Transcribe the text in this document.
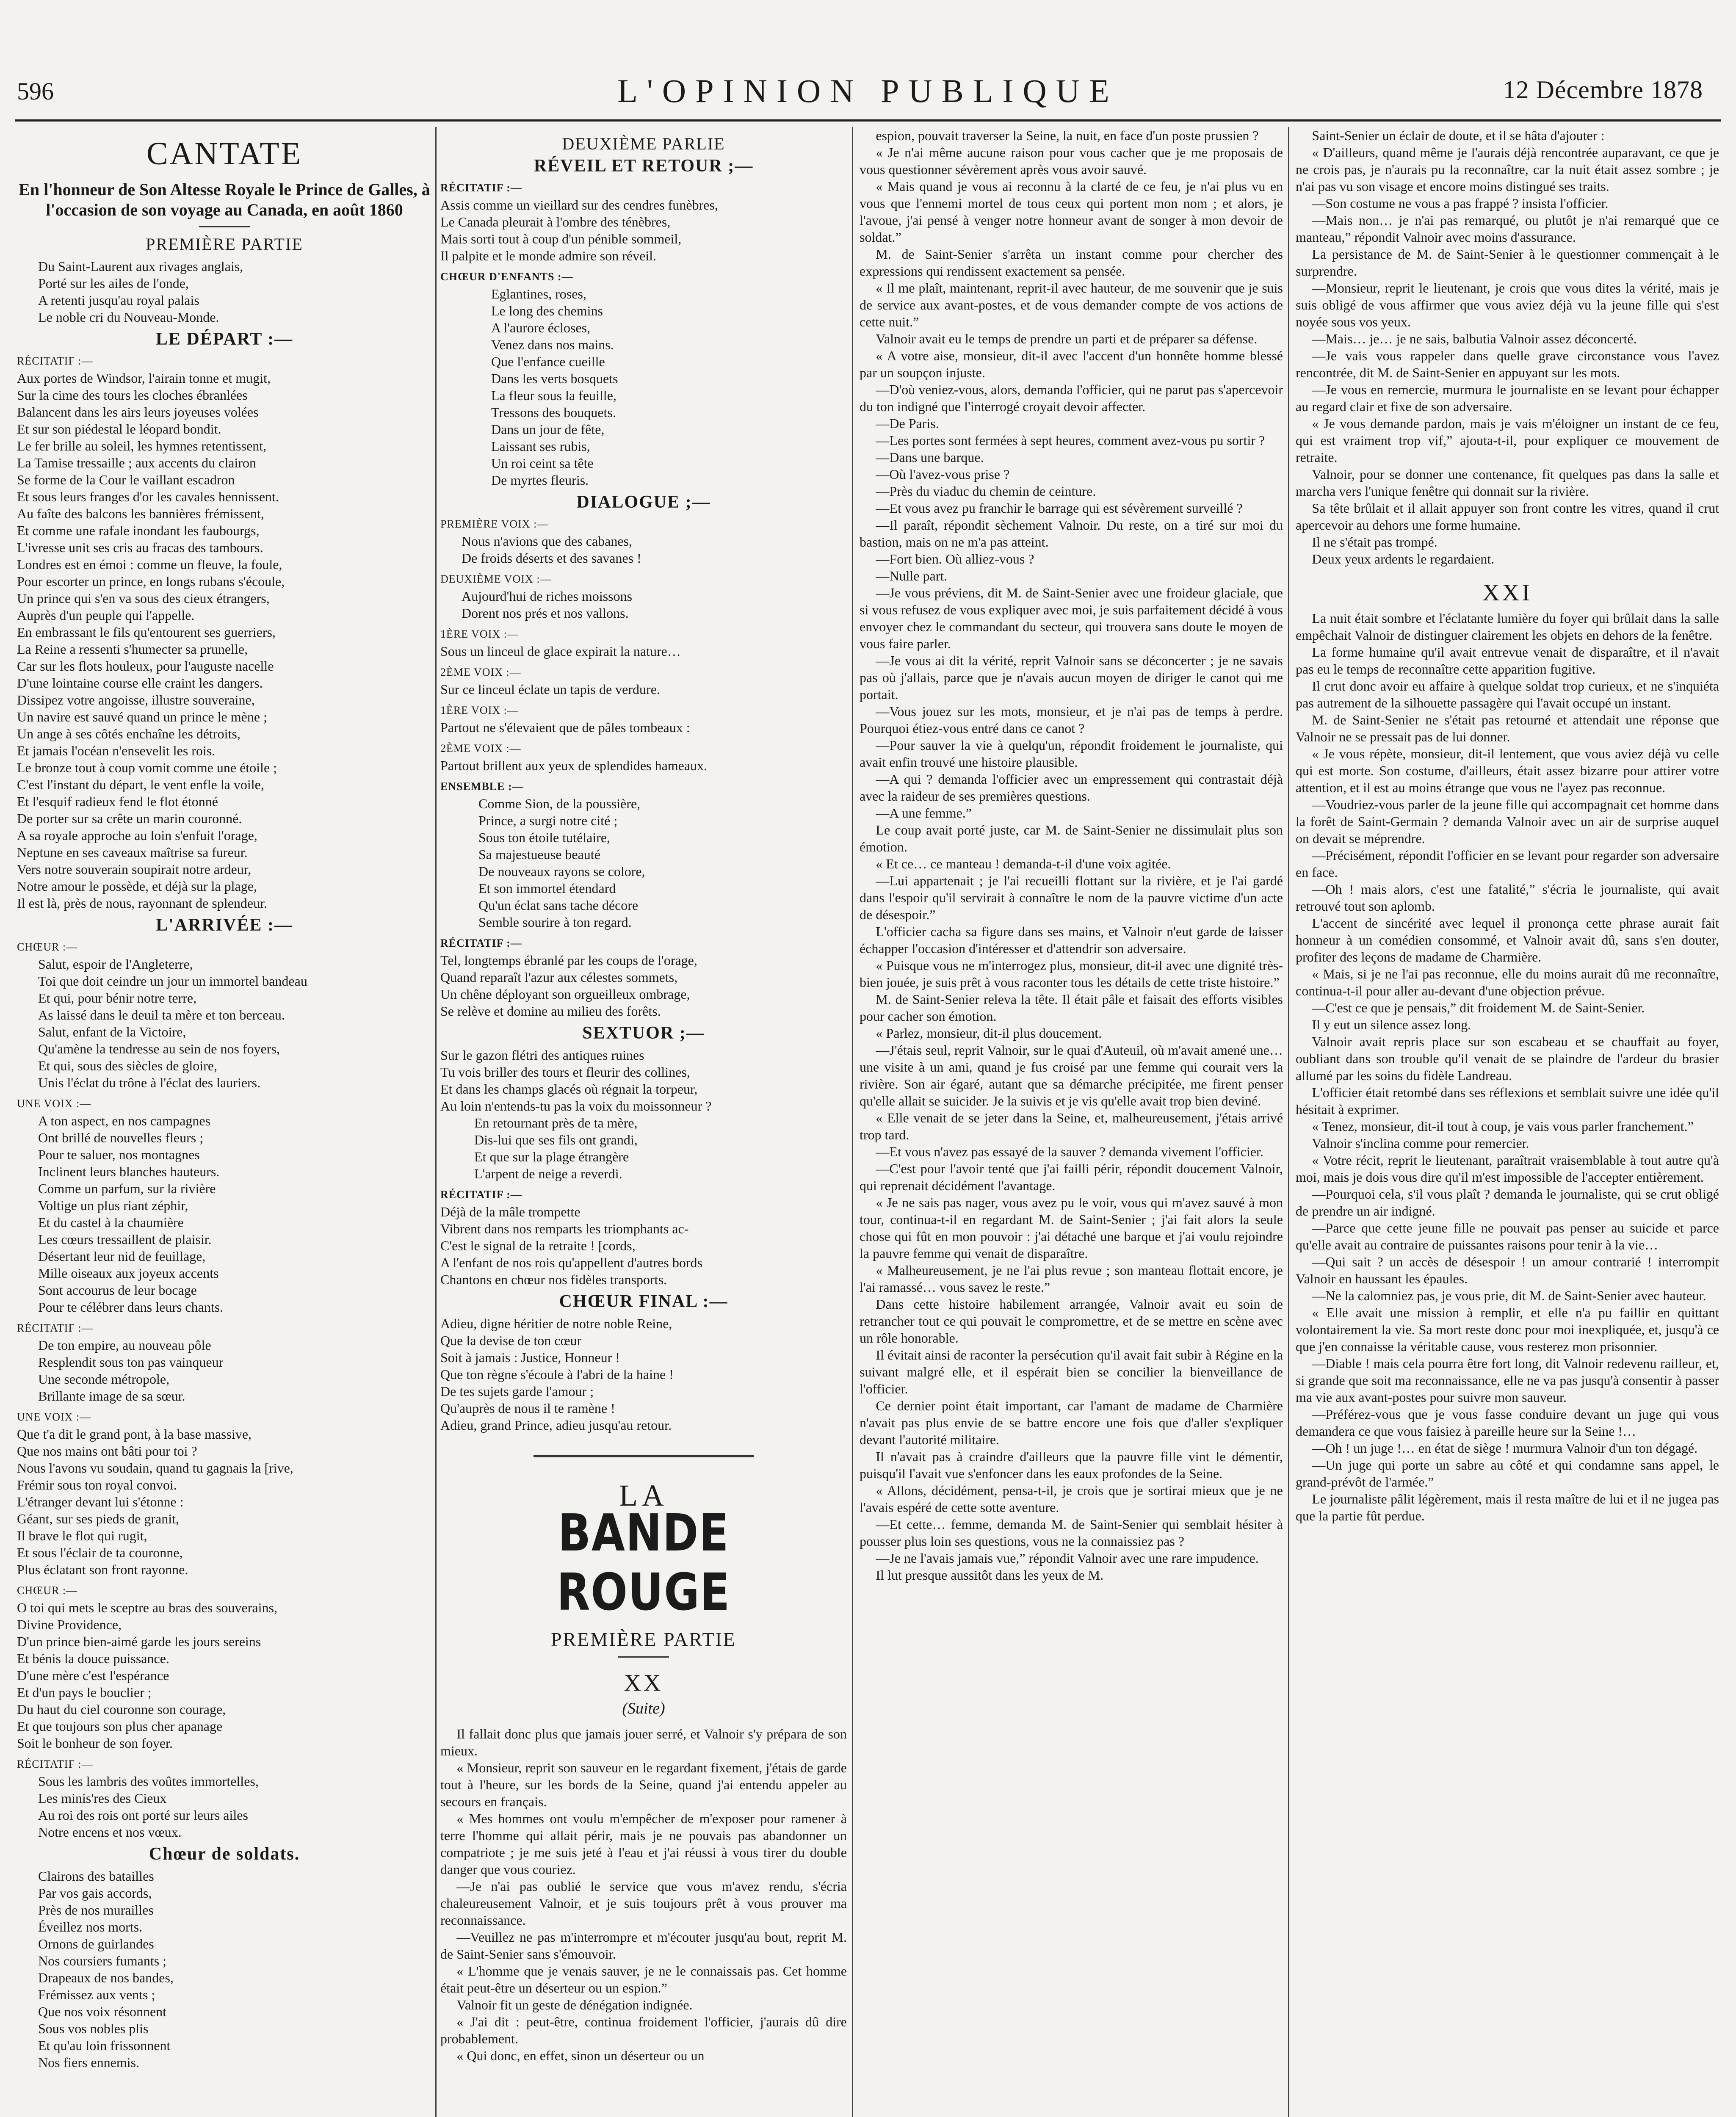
596	L'OPINION PUBLIQUE	12 Décembre 1878
CANTATE
En l'honneur de Son Altesse Royale le Prince de Galles, à l'occasion de son voyage au Canada, en août 1860
PREMIÈRE PARTIE
Du Saint-Laurent aux rivages anglais,
Porté sur les ailes de l'onde,
A retenti jusqu'au royal palais
Le noble cri du Nouveau-Monde.
LE DÉPART :—
RÉCITATIF :—
Aux portes de Windsor, l'airain tonne et mugit,
Sur la cime des tours les cloches ébranlées
Balancent dans les airs leurs joyeuses volées
Et sur son piédestal le léopard bondit.
Le fer brille au soleil, les hymnes retentissent,
La Tamise tressaille ; aux accents du clairon
Se forme de la Cour le vaillant escadron
Et sous leurs franges d'or les cavales hennissent.
Au faîte des balcons les bannières frémissent,
Et comme une rafale inondant les faubourgs,
L'ivresse unit ses cris au fracas des tambours.
Londres est en émoi : comme un fleuve, la foule,
Pour escorter un prince, en longs rubans s'écoule,
Un prince qui s'en va sous des cieux étrangers,
Auprès d'un peuple qui l'appelle.
En embrassant le fils qu'entourent ses guerriers,
La Reine a ressenti s'humecter sa prunelle,
Car sur les flots houleux, pour l'auguste nacelle
D'une lointaine course elle craint les dangers.
Dissipez votre angoisse, illustre souveraine,
Un navire est sauvé quand un prince le mène ;
Un ange à ses côtés enchaîne les détroits,
Et jamais l'océan n'ensevelit les rois.
Le bronze tout à coup vomit comme une étoile ;
C'est l'instant du départ, le vent enfle la voile,
Et l'esquif radieux fend le flot étonné
De porter sur sa crête un marin couronné.
A sa royale approche au loin s'enfuit l'orage,
Neptune en ses caveaux maîtrise sa fureur.
Vers notre souverain soupirait notre ardeur,
Notre amour le possède, et déjà sur la plage,
Il est là, près de nous, rayonnant de splendeur.
L'ARRIVÉE :—
CHŒUR :—
Salut, espoir de l'Angleterre,
Toi que doit ceindre un jour un immortel bandeau
Et qui, pour bénir notre terre,
As laissé dans le deuil ta mère et ton berceau.
Salut, enfant de la Victoire,
Qu'amène la tendresse au sein de nos foyers,
Et qui, sous des siècles de gloire,
Unis l'éclat du trône à l'éclat des lauriers.
UNE VOIX :—
A ton aspect, en nos campagnes
Ont brillé de nouvelles fleurs ;
Pour te saluer, nos montagnes
Inclinent leurs blanches hauteurs.
Comme un parfum, sur la rivière
Voltige un plus riant zéphir,
Et du castel à la chaumière
Les cœurs tressaillent de plaisir.
Désertant leur nid de feuillage,
Mille oiseaux aux joyeux accents
Sont accourus de leur bocage
Pour te célébrer dans leurs chants.
RÉCITATIF :—
De ton empire, au nouveau pôle
Resplendit sous ton pas vainqueur
Une seconde métropole,
Brillante image de sa sœur.
UNE VOIX :—
Que t'a dit le grand pont, à la base massive,
Que nos mains ont bâti pour toi ?
Nous l'avons vu soudain, quand tu gagnais la [rive,
Frémir sous ton royal convoi.
L'étranger devant lui s'étonne :
Géant, sur ses pieds de granit,
Il brave le flot qui rugit,
Et sous l'éclair de ta couronne,
Plus éclatant son front rayonne.
CHŒUR :—
O toi qui mets le sceptre au bras des souverains,
Divine Providence,
D'un prince bien-aimé garde les jours sereins
Et bénis la douce puissance.
D'une mère c'est l'espérance
Et d'un pays le bouclier ;
Du haut du ciel couronne son courage,
Et que toujours son plus cher apanage
Soit le bonheur de son foyer.
RÉCITATIF :—
Sous les lambris des voûtes immortelles,
Les minis'res des Cieux
Au roi des rois ont porté sur leurs ailes
Notre encens et nos vœux.
Chœur de soldats.
Clairons des batailles
Par vos gais accords,
Près de nos murailles
Éveillez nos morts.
Ornons de guirlandes
Nos coursiers fumants ;
Drapeaux de nos bandes,
Frémissez aux vents ;
Que nos voix résonnent
Sous vos nobles plis
Et qu'au loin frissonnent
Nos fiers ennemis.
DEUXIÈME PARLIE
RÉVEIL ET RETOUR ;—
RÉCITATIF :—
Assis comme un vieillard sur des cendres funèbres,
Le Canada pleurait à l'ombre des ténèbres,
Mais sorti tout à coup d'un pénible sommeil,
Il palpite et le monde admire son réveil.
CHŒUR D'ENFANTS :—
Eglantines, roses,
Le long des chemins
A l'aurore écloses,
Venez dans nos mains.
Que l'enfance cueille
Dans les verts bosquets
La fleur sous la feuille,
Tressons des bouquets.
Dans un jour de fête,
Laissant ses rubis,
Un roi ceint sa tête
De myrtes fleuris.
DIALOGUE ;—
PREMIÈRE VOIX :—
Nous n'avions que des cabanes,
De froids déserts et des savanes !
DEUXIÈME VOIX :—
Aujourd'hui de riches moissons
Dorent nos prés et nos vallons.
1ÈRE VOIX :—
Sous un linceul de glace expirait la nature…
2ÈME VOIX :—
Sur ce linceul éclate un tapis de verdure.
1ÈRE VOIX :—
Partout ne s'élevaient que de pâles tombeaux :
2ÈME VOIX :—
Partout brillent aux yeux de splendides hameaux.
ENSEMBLE :—
Comme Sion, de la poussière,
Prince, a surgi notre cité ;
Sous ton étoile tutélaire,
Sa majestueuse beauté
De nouveaux rayons se colore,
Et son immortel étendard
Qu'un éclat sans tache décore
Semble sourire à ton regard.
RÉCITATIF :—
Tel, longtemps ébranlé par les coups de l'orage,
Quand reparaît l'azur aux célestes sommets,
Un chêne déployant son orgueilleux ombrage,
Se relève et domine au milieu des forêts.
SEXTUOR ;—
Sur le gazon flétri des antiques ruines
Tu vois briller des tours et fleurir des collines,
Et dans les champs glacés où régnait la torpeur,
Au loin n'entends-tu pas la voix du moissonneur ?
En retournant près de ta mère,
Dis-lui que ses fils ont grandi,
Et que sur la plage étrangère
L'arpent de neige a reverdi.
RÉCITATIF :—
Déjà de la mâle trompette
Vibrent dans nos remparts les triomphants ac-
C'est le signal de la retraite ! [cords,
A l'enfant de nos rois qu'appellent d'autres bords
Chantons en chœur nos fidèles transports.
CHŒUR FINAL :—
Adieu, digne héritier de notre noble Reine,
Que la devise de ton cœur
Soit à jamais : Justice, Honneur !
Que ton règne s'écoule à l'abri de la haine !
De tes sujets garde l'amour ;
Qu'auprès de nous il te ramène !
Adieu, grand Prince, adieu jusqu'au retour.
LA
BANDE ROUGE
PREMIÈRE PARTIE
XX
(Suite)

Il fallait donc plus que jamais jouer serré, et Valnoir s'y prépara de son mieux.

« Monsieur, reprit son sauveur en le regardant fixement, j'étais de garde tout à l'heure, sur les bords de la Seine, quand j'ai entendu appeler au secours en français.

« Mes hommes ont voulu m'empêcher de m'exposer pour ramener à terre l'homme qui allait périr, mais je ne pouvais pas abandonner un compatriote ; je me suis jeté à l'eau et j'ai réussi à vous tirer du double danger que vous couriez.

—Je n'ai pas oublié le service que vous m'avez rendu, s'écria chaleureusement Valnoir, et je suis toujours prêt à vous prouver ma reconnaissance.

—Veuillez ne pas m'interrompre et m'écouter jusqu'au bout, reprit M. de Saint-Senier sans s'émouvoir.

« L'homme que je venais sauver, je ne le connaissais pas. Cet homme était peut-être un déserteur ou un espion.”

Valnoir fit un geste de dénégation indignée.

« J'ai dit : peut-être, continua froidement l'officier, j'aurais dû dire probablement.

« Qui donc, en effet, sinon un déserteur ou un

espion, pouvait traverser la Seine, la nuit, en face d'un poste prussien ?

« Je n'ai même aucune raison pour vous cacher que je me proposais de vous questionner sévèrement après vous avoir sauvé.

« Mais quand je vous ai reconnu à la clarté de ce feu, je n'ai plus vu en vous que l'ennemi mortel de tous ceux qui portent mon nom ; et alors, je l'avoue, j'ai pensé à venger notre honneur avant de songer à mon devoir de soldat.”

M. de Saint-Senier s'arrêta un instant comme pour chercher des expressions qui rendissent exactement sa pensée.

« Il me plaît, maintenant, reprit-il avec hauteur, de me souvenir que je suis de service aux avant-postes, et de vous demander compte de vos actions de cette nuit.”

Valnoir avait eu le temps de prendre un parti et de préparer sa défense.

« A votre aise, monsieur, dit-il avec l'accent d'un honnête homme blessé par un soupçon injuste.

—D'où veniez-vous, alors, demanda l'officier, qui ne parut pas s'apercevoir du ton indigné que l'interrogé croyait devoir affecter.

—De Paris.

—Les portes sont fermées à sept heures, comment avez-vous pu sortir ?

—Dans une barque.

—Où l'avez-vous prise ?

—Près du viaduc du chemin de ceinture.

—Et vous avez pu franchir le barrage qui est sévèrement surveillé ?

—Il paraît, répondit sèchement Valnoir. Du reste, on a tiré sur moi du bastion, mais on ne m'a pas atteint.

—Fort bien. Où alliez-vous ?

—Nulle part.

—Je vous préviens, dit M. de Saint-Senier avec une froideur glaciale, que si vous refusez de vous expliquer avec moi, je suis parfaitement décidé à vous envoyer chez le commandant du secteur, qui trouvera sans doute le moyen de vous faire parler.

—Je vous ai dit la vérité, reprit Valnoir sans se déconcerter ; je ne savais pas où j'allais, parce que je n'avais aucun moyen de diriger le canot qui me portait.

—Vous jouez sur les mots, monsieur, et je n'ai pas de temps à perdre. Pourquoi étiez-vous entré dans ce canot ?

—Pour sauver la vie à quelqu'un, répondit froidement le journaliste, qui avait enfin trouvé une histoire plausible.

—A qui ? demanda l'officier avec un empressement qui contrastait déjà avec la raideur de ses premières questions.

—A une femme.”

Le coup avait porté juste, car M. de Saint-Senier ne dissimulait plus son émotion.

« Et ce… ce manteau ! demanda-t-il d'une voix agitée.

—Lui appartenait ; je l'ai recueilli flottant sur la rivière, et je l'ai gardé dans l'espoir qu'il servirait à connaître le nom de la pauvre victime d'un acte de désespoir.”

L'officier cacha sa figure dans ses mains, et Valnoir n'eut garde de laisser échapper l'occasion d'intéresser et d'attendrir son adversaire.

« Puisque vous ne m'interrogez plus, monsieur, dit-il avec une dignité très-bien jouée, je suis prêt à vous raconter tous les détails de cette triste histoire.”

M. de Saint-Senier releva la tête. Il était pâle et faisait des efforts visibles pour cacher son émotion.

« Parlez, monsieur, dit-il plus doucement.

—J'étais seul, reprit Valnoir, sur le quai d'Auteuil, où m'avait amené une… une visite à un ami, quand je fus croisé par une femme qui courait vers la rivière. Son air égaré, autant que sa démarche précipitée, me firent penser qu'elle allait se suicider. Je la suivis et je vis qu'elle avait trop bien deviné.

« Elle venait de se jeter dans la Seine, et, malheureusement, j'étais arrivé trop tard.

—Et vous n'avez pas essayé de la sauver ? demanda vivement l'officier.

—C'est pour l'avoir tenté que j'ai failli périr, répondit doucement Valnoir, qui reprenait décidément l'avantage.

« Je ne sais pas nager, vous avez pu le voir, vous qui m'avez sauvé à mon tour, continua-t-il en regardant M. de Saint-Senier ; j'ai fait alors la seule chose qui fût en mon pouvoir : j'ai détaché une barque et j'ai voulu rejoindre la pauvre femme qui venait de disparaître.

« Malheureusement, je ne l'ai plus revue ; son manteau flottait encore, je l'ai ramassé… vous savez le reste.”

Dans cette histoire habilement arrangée, Valnoir avait eu soin de retrancher tout ce qui pouvait le compromettre, et de se mettre en scène avec un rôle honorable.

Il évitait ainsi de raconter la persécution qu'il avait fait subir à Régine en la suivant malgré elle, et il espérait bien se concilier la bienveillance de l'officier.

Ce dernier point était important, car l'amant de madame de Charmière n'avait pas plus envie de se battre encore une fois que d'aller s'expliquer devant l'autorité militaire.

Il n'avait pas à craindre d'ailleurs que la pauvre fille vint le démentir, puisqu'il l'avait vue s'enfoncer dans les eaux profondes de la Seine.

« Allons, décidément, pensa-t-il, je crois que je sortirai mieux que je ne l'avais espéré de cette sotte aventure.

—Et cette… femme, demanda M. de Saint-Senier qui semblait hésiter à pousser plus loin ses questions, vous ne la connaissiez pas ?

—Je ne l'avais jamais vue,” répondit Valnoir avec une rare impudence.

Il lut presque aussitôt dans les yeux de M.

Saint-Senier un éclair de doute, et il se hâta d'ajouter :

« D'ailleurs, quand même je l'aurais déjà rencontrée auparavant, ce que je ne crois pas, je n'aurais pu la reconnaître, car la nuit était assez sombre ; je n'ai pas vu son visage et encore moins distingué ses traits.

—Son costume ne vous a pas frappé ? insista l'officier.

—Mais non… je n'ai pas remarqué, ou plutôt je n'ai remarqué que ce manteau,” répondit Valnoir avec moins d'assurance.

La persistance de M. de Saint-Senier à le questionner commençait à le surprendre.

—Monsieur, reprit le lieutenant, je crois que vous dites la vérité, mais je suis obligé de vous affirmer que vous aviez déjà vu la jeune fille qui s'est noyée sous vos yeux.

—Mais… je… je ne sais, balbutia Valnoir assez déconcerté.

—Je vais vous rappeler dans quelle grave circonstance vous l'avez rencontrée, dit M. de Saint-Senier en appuyant sur les mots.

—Je vous en remercie, murmura le journaliste en se levant pour échapper au regard clair et fixe de son adversaire.

« Je vous demande pardon, mais je vais m'éloigner un instant de ce feu, qui est vraiment trop vif,” ajouta-t-il, pour expliquer ce mouvement de retraite.

Valnoir, pour se donner une contenance, fit quelques pas dans la salle et marcha vers l'unique fenêtre qui donnait sur la rivière.

Sa tête brûlait et il allait appuyer son front contre les vitres, quand il crut apercevoir au dehors une forme humaine.

Il ne s'était pas trompé.

Deux yeux ardents le regardaient.

XXI

La nuit était sombre et l'éclatante lumière du foyer qui brûlait dans la salle empêchait Valnoir de distinguer clairement les objets en dehors de la fenêtre.

La forme humaine qu'il avait entrevue venait de disparaître, et il n'avait pas eu le temps de reconnaître cette apparition fugitive.

Il crut donc avoir eu affaire à quelque soldat trop curieux, et ne s'inquiéta pas autrement de la silhouette passagère qui l'avait occupé un instant.

M. de Saint-Senier ne s'était pas retourné et attendait une réponse que Valnoir ne se pressait pas de lui donner.

« Je vous répète, monsieur, dit-il lentement, que vous aviez déjà vu celle qui est morte. Son costume, d'ailleurs, était assez bizarre pour attirer votre attention, et il est au moins étrange que vous ne l'ayez pas reconnue.

—Voudriez-vous parler de la jeune fille qui accompagnait cet homme dans la forêt de Saint-Germain ? demanda Valnoir avec un air de surprise auquel on devait se méprendre.

—Précisément, répondit l'officier en se levant pour regarder son adversaire en face.

—Oh ! mais alors, c'est une fatalité,” s'écria le journaliste, qui avait retrouvé tout son aplomb.

L'accent de sincérité avec lequel il prononça cette phrase aurait fait honneur à un comédien consommé, et Valnoir avait dû, sans s'en douter, profiter des leçons de madame de Charmière.

« Mais, si je ne l'ai pas reconnue, elle du moins aurait dû me reconnaître, continua-t-il pour aller au-devant d'une objection prévue.

—C'est ce que je pensais,” dit froidement M. de Saint-Senier.

Il y eut un silence assez long.

Valnoir avait repris place sur son escabeau et se chauffait au foyer, oubliant dans son trouble qu'il venait de se plaindre de l'ardeur du brasier allumé par les soins du fidèle Landreau.

L'officier était retombé dans ses réflexions et semblait suivre une idée qu'il hésitait à exprimer.

« Tenez, monsieur, dit-il tout à coup, je vais vous parler franchement.”

Valnoir s'inclina comme pour remercier.

« Votre récit, reprit le lieutenant, paraîtrait vraisemblable à tout autre qu'à moi, mais je dois vous dire qu'il m'est impossible de l'accepter entièrement.

—Pourquoi cela, s'il vous plaît ? demanda le journaliste, qui se crut obligé de prendre un air indigné.

—Parce que cette jeune fille ne pouvait pas penser au suicide et parce qu'elle avait au contraire de puissantes raisons pour tenir à la vie…

—Qui sait ? un accès de désespoir ! un amour contrarié ! interrompit Valnoir en haussant les épaules.

—Ne la calomniez pas, je vous prie, dit M. de Saint-Senier avec hauteur.

« Elle avait une mission à remplir, et elle n'a pu faillir en quittant volontairement la vie. Sa mort reste donc pour moi inexpliquée, et, jusqu'à ce que j'en connaisse la véritable cause, vous resterez mon prisonnier.

—Diable ! mais cela pourra être fort long, dit Valnoir redevenu railleur, et, si grande que soit ma reconnaissance, elle ne va pas jusqu'à consentir à passer ma vie aux avant-postes pour suivre mon sauveur.

—Préférez-vous que je vous fasse conduire devant un juge qui vous demandera ce que vous faisiez à pareille heure sur la Seine !…

—Oh ! un juge !… en état de siège ! murmura Valnoir d'un ton dégagé.

—Un juge qui porte un sabre au côté et qui condamne sans appel, le grand-prévôt de l'armée.”

Le journaliste pâlit légèrement, mais il resta maître de lui et il ne jugea pas que la partie fût perdue.
